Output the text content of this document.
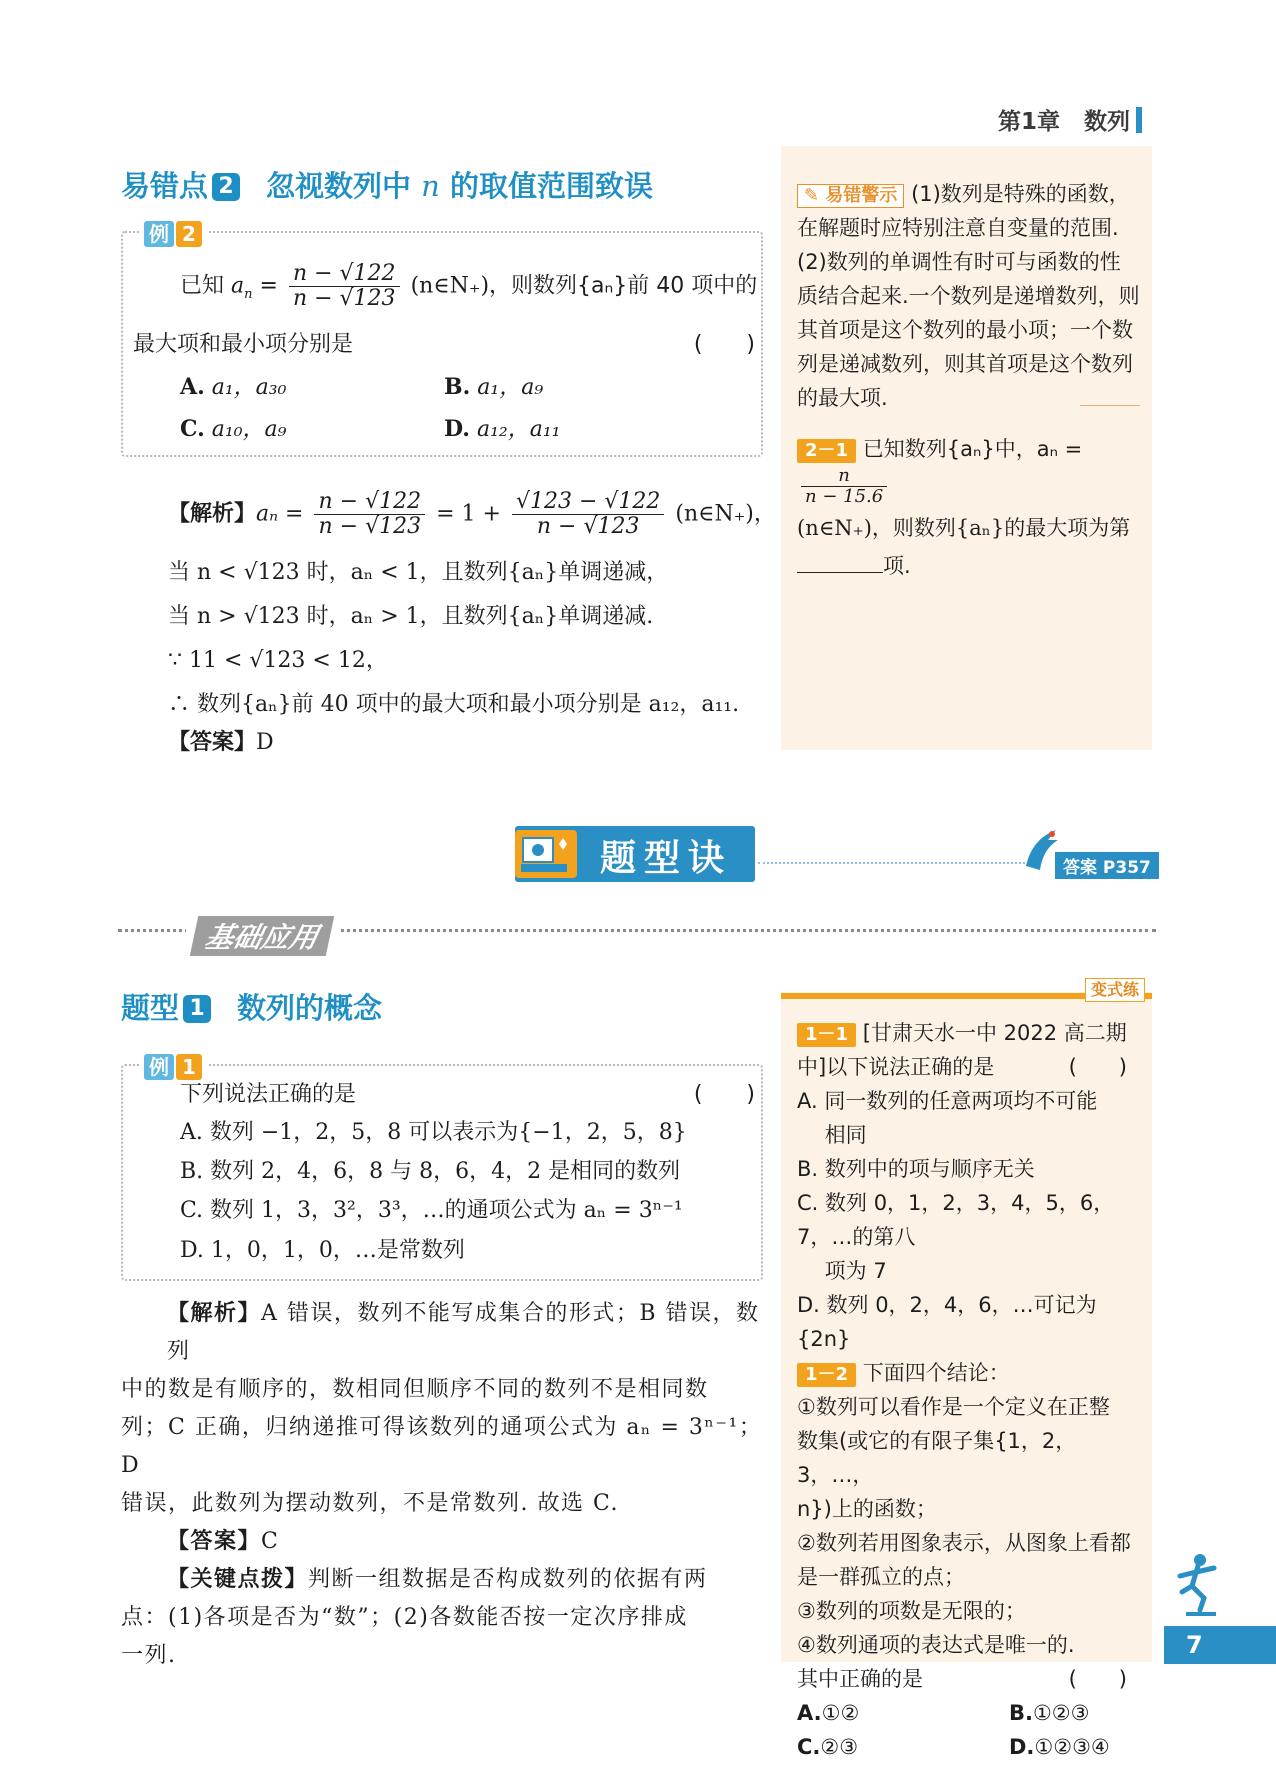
第1章 数列
易错点 2 忽视数列中 n 的取值范围致误
例 2
已知 $a_n = \frac{n - √122}{n - √123}$ (n∈N₊)，则数列{aₙ}前 40 项中的
最大项和最小项分别是	(　　)
A. a₁，a₃₀	B. a₁，a₉
C. a₁₀，a₉	D. a₁₂，a₁₁
【解析】$a_n = \frac{n - √122}{n - √123} = 1 + \frac{√123 - √122}{n - √123}$ (n∈N₊)，
当 n < √123 时，aₙ < 1，且数列{aₙ}单调递减，
当 n > √123 时，aₙ > 1，且数列{aₙ}单调递减.
∵ 11 < √123 < 12，
∴ 数列{aₙ}前 40 项中的最大项和最小项分别是 a₁₂，a₁₁.
【答案】D
✎ 易错警示 (1)数列是特殊的函数，
在解题时应特别注意自变量的范围.
(2)数列的单调性有时可与函数的性
质结合起来.一个数列是递增数列，则
其首项是这个数列的最小项；一个数
列是递减数列，则其首项是这个数列
的最大项.
2－1 已知数列{aₙ}中，aₙ =
$\frac{n}{n - 15.6}$
(n∈N₊)，则数列{aₙ}的最大项为第
项.
题型诀	答案 P357
基础应用
题型 1 数列的概念
变式练
例 1
下列说法正确的是	(　　)
A. 数列 −1，2，5，8 可以表示为{−1，2，5，8}
B. 数列 2，4，6，8 与 8，6，4，2 是相同的数列
C. 数列 1，3，3²，3³，…的通项公式为 aₙ = 3ⁿ⁻¹
D. 1，0，1，0，…是常数列
【解析】A 错误，数列不能写成集合的形式；B 错误，数列
中的数是有顺序的，数相同但顺序不同的数列不是相同数
列；C 正确，归纳递推可得该数列的通项公式为 aₙ = 3ⁿ⁻¹；D
错误，此数列为摆动数列，不是常数列. 故选 C.
【答案】C
【关键点拨】判断一组数据是否构成数列的依据有两
点：(1)各项是否为“数”；(2)各数能否按一定次序排成
一列.
1－1 [甘肃天水一中 2022 高二期
中]以下说法正确的是	(　　)
A. 同一数列的任意两项均不可能
　 相同
B. 数列中的项与顺序无关
C. 数列 0，1，2，3，4，5，6，7，…的第八
　 项为 7
D. 数列 0，2，4，6，…可记为{2n}
1－2 下面四个结论：
①数列可以看作是一个定义在正整
数集(或它的有限子集{1，2，3，…，
n})上的函数；
②数列若用图象表示，从图象上看都
是一群孤立的点；
③数列的项数是无限的；
④数列通项的表达式是唯一的.
其中正确的是	(　　)
A.①②	B.①②③
C.②③	D.①②③④
7
